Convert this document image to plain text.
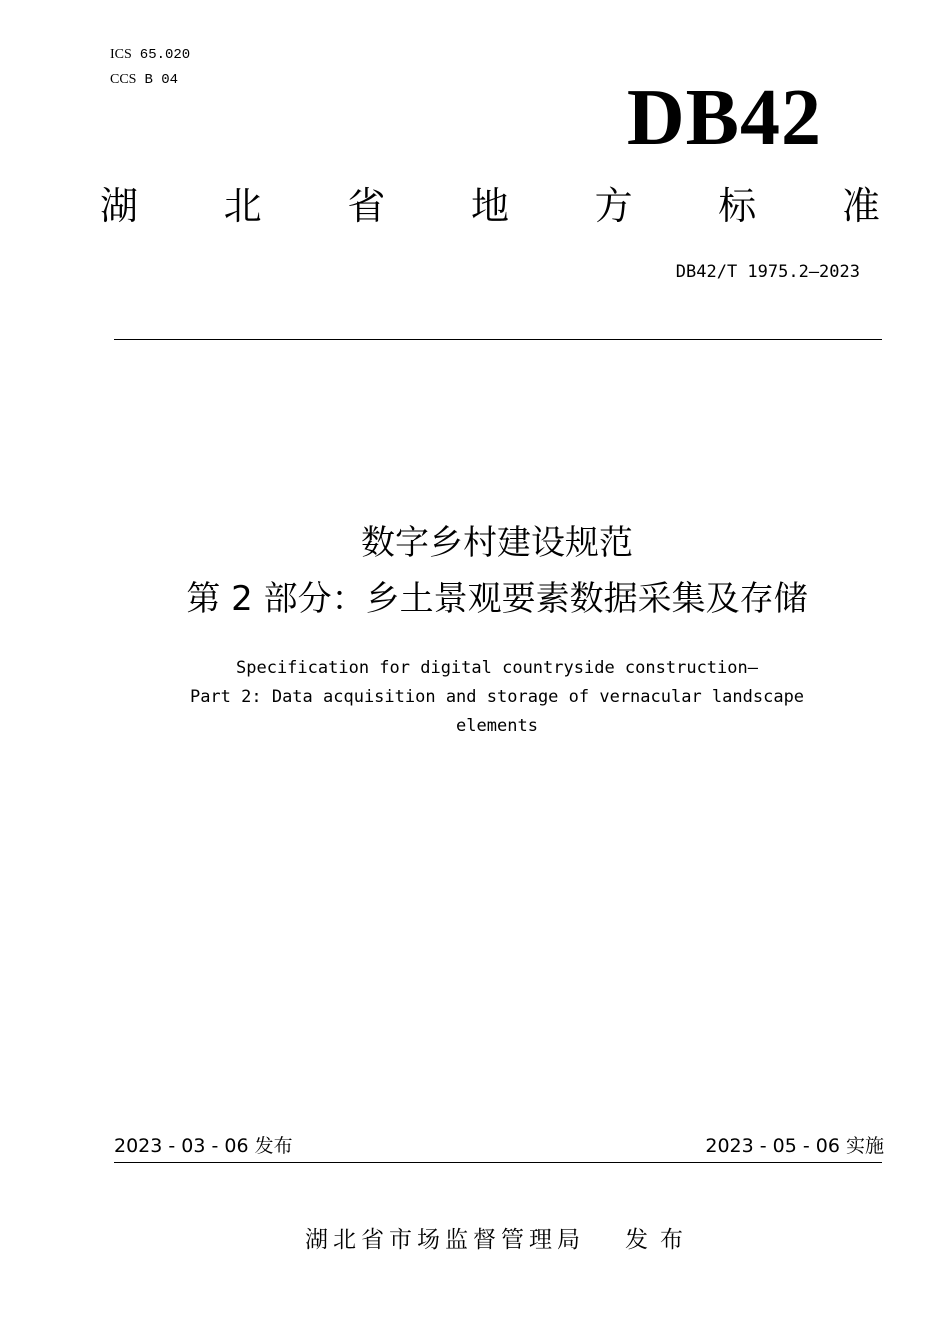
ICS 65.020
CCS B 04	DB42
湖 北 省 地 方 标 准
DB42/T 1975.2—2023
数字乡村建设规范
第 2 部分：乡土景观要素数据采集及存储
Specification for digital countryside construction—
Part 2: Data acquisition and storage of vernacular landscape
elements
2023 - 03 - 06 发布	2023 - 05 - 06 实施
湖北省市场监督管理局 发布
